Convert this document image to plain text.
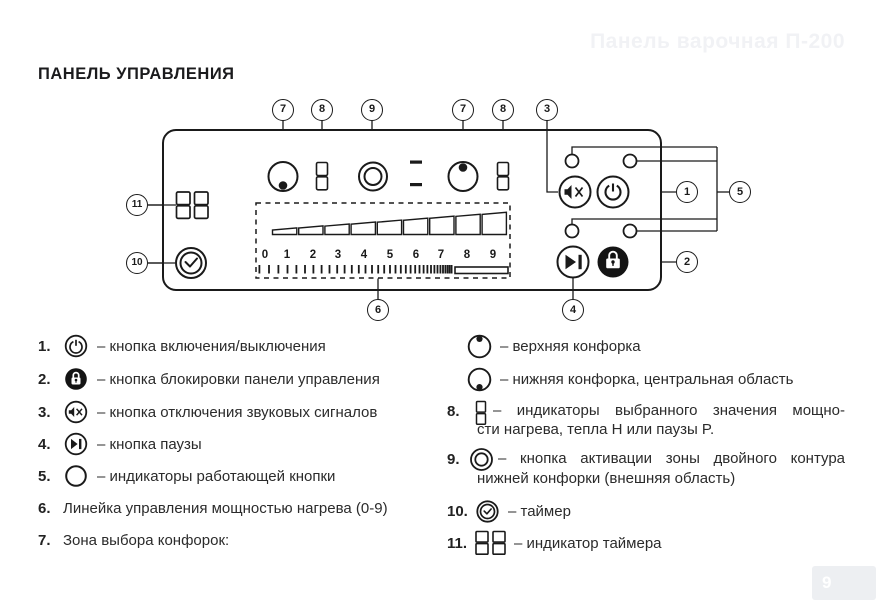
Панель варочная П-200
ПАНЕЛЬ УПРАВЛЕНИЯ
7	8	9	7	8	3
11
10
1	5
2
4
6
0 1 2 3 4 5 6 7 8 9
1.	– кнопка включения/выключения
2.	– кнопка блокировки панели управления
3.	– кнопка отключения звуковых сигналов
4.	– кнопка паузы
5.	– индикаторы работающей кнопки
6. Линейка управления мощностью нагрева (0-9)
7. Зона выбора конфорок:
– верхняя конфорка
– нижняя конфорка, центральная область
8. – индикаторы выбранного значения мощно-
сти нагрева, тепла H или паузы P.
9.	– кнопка активации зоны двойного контура
нижней конфорки (внешняя область)
10.	– таймер
11.	– индикатор таймера
9
